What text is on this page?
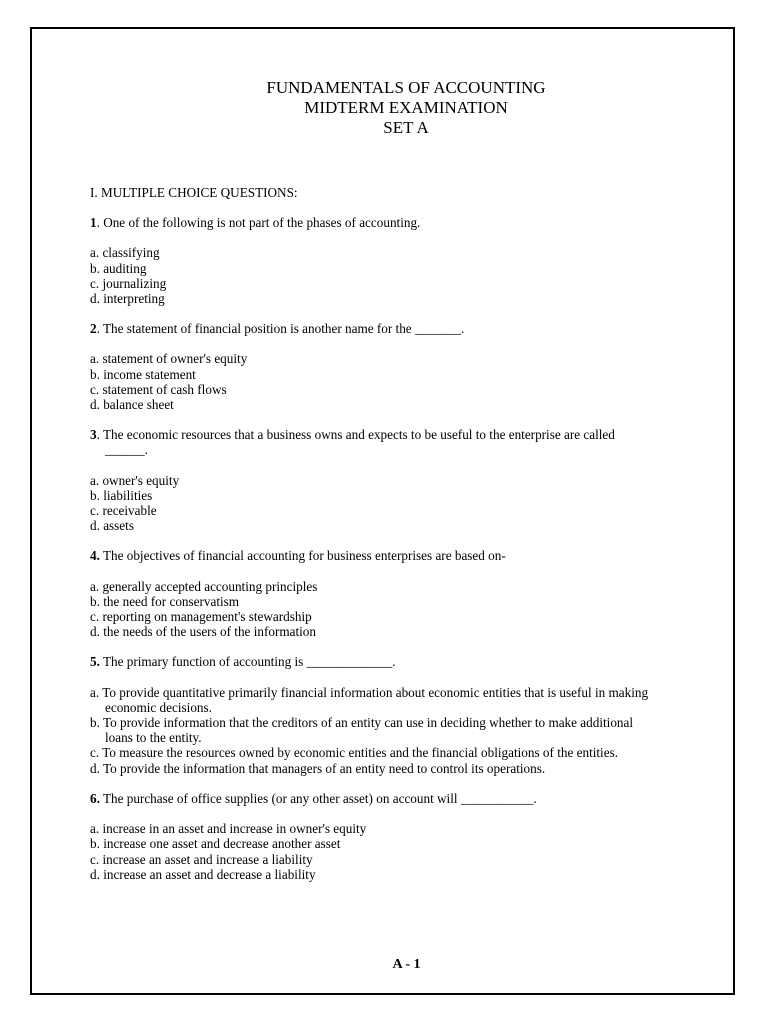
FUNDAMENTALS OF ACCOUNTING
MIDTERM EXAMINATION
SET A
I. MULTIPLE CHOICE QUESTIONS:
1. One of the following is not part of the phases of accounting.
a. classifying
b. auditing
c. journalizing
d. interpreting
2. The statement of financial position is another name for the _______.
a. statement of owner's equity
b. income statement
c. statement of cash flows
d. balance sheet
3. The economic resources that a business owns and expects to be useful to the enterprise are called ______.
a. owner's equity
b. liabilities
c. receivable
d. assets
4. The objectives of financial accounting for business enterprises are based on-
a. generally accepted accounting principles
b. the need for conservatism
c. reporting on management's stewardship
d. the needs of the users of the information
5. The primary function of accounting is _____________.
a. To provide quantitative primarily financial information about economic entities that is useful in making economic decisions.
b. To provide information that the creditors of an entity can use in deciding whether to make additional loans to the entity.
c. To measure the resources owned by economic entities and the financial obligations of the entities.
d. To provide the information that managers of an entity need to control its operations.
6. The purchase of office supplies (or any other asset) on account will ___________.
a. increase in an asset and increase in owner's equity
b. increase one asset and decrease another asset
c. increase an asset and increase a liability
d. increase an asset and decrease a liability
A - 1
